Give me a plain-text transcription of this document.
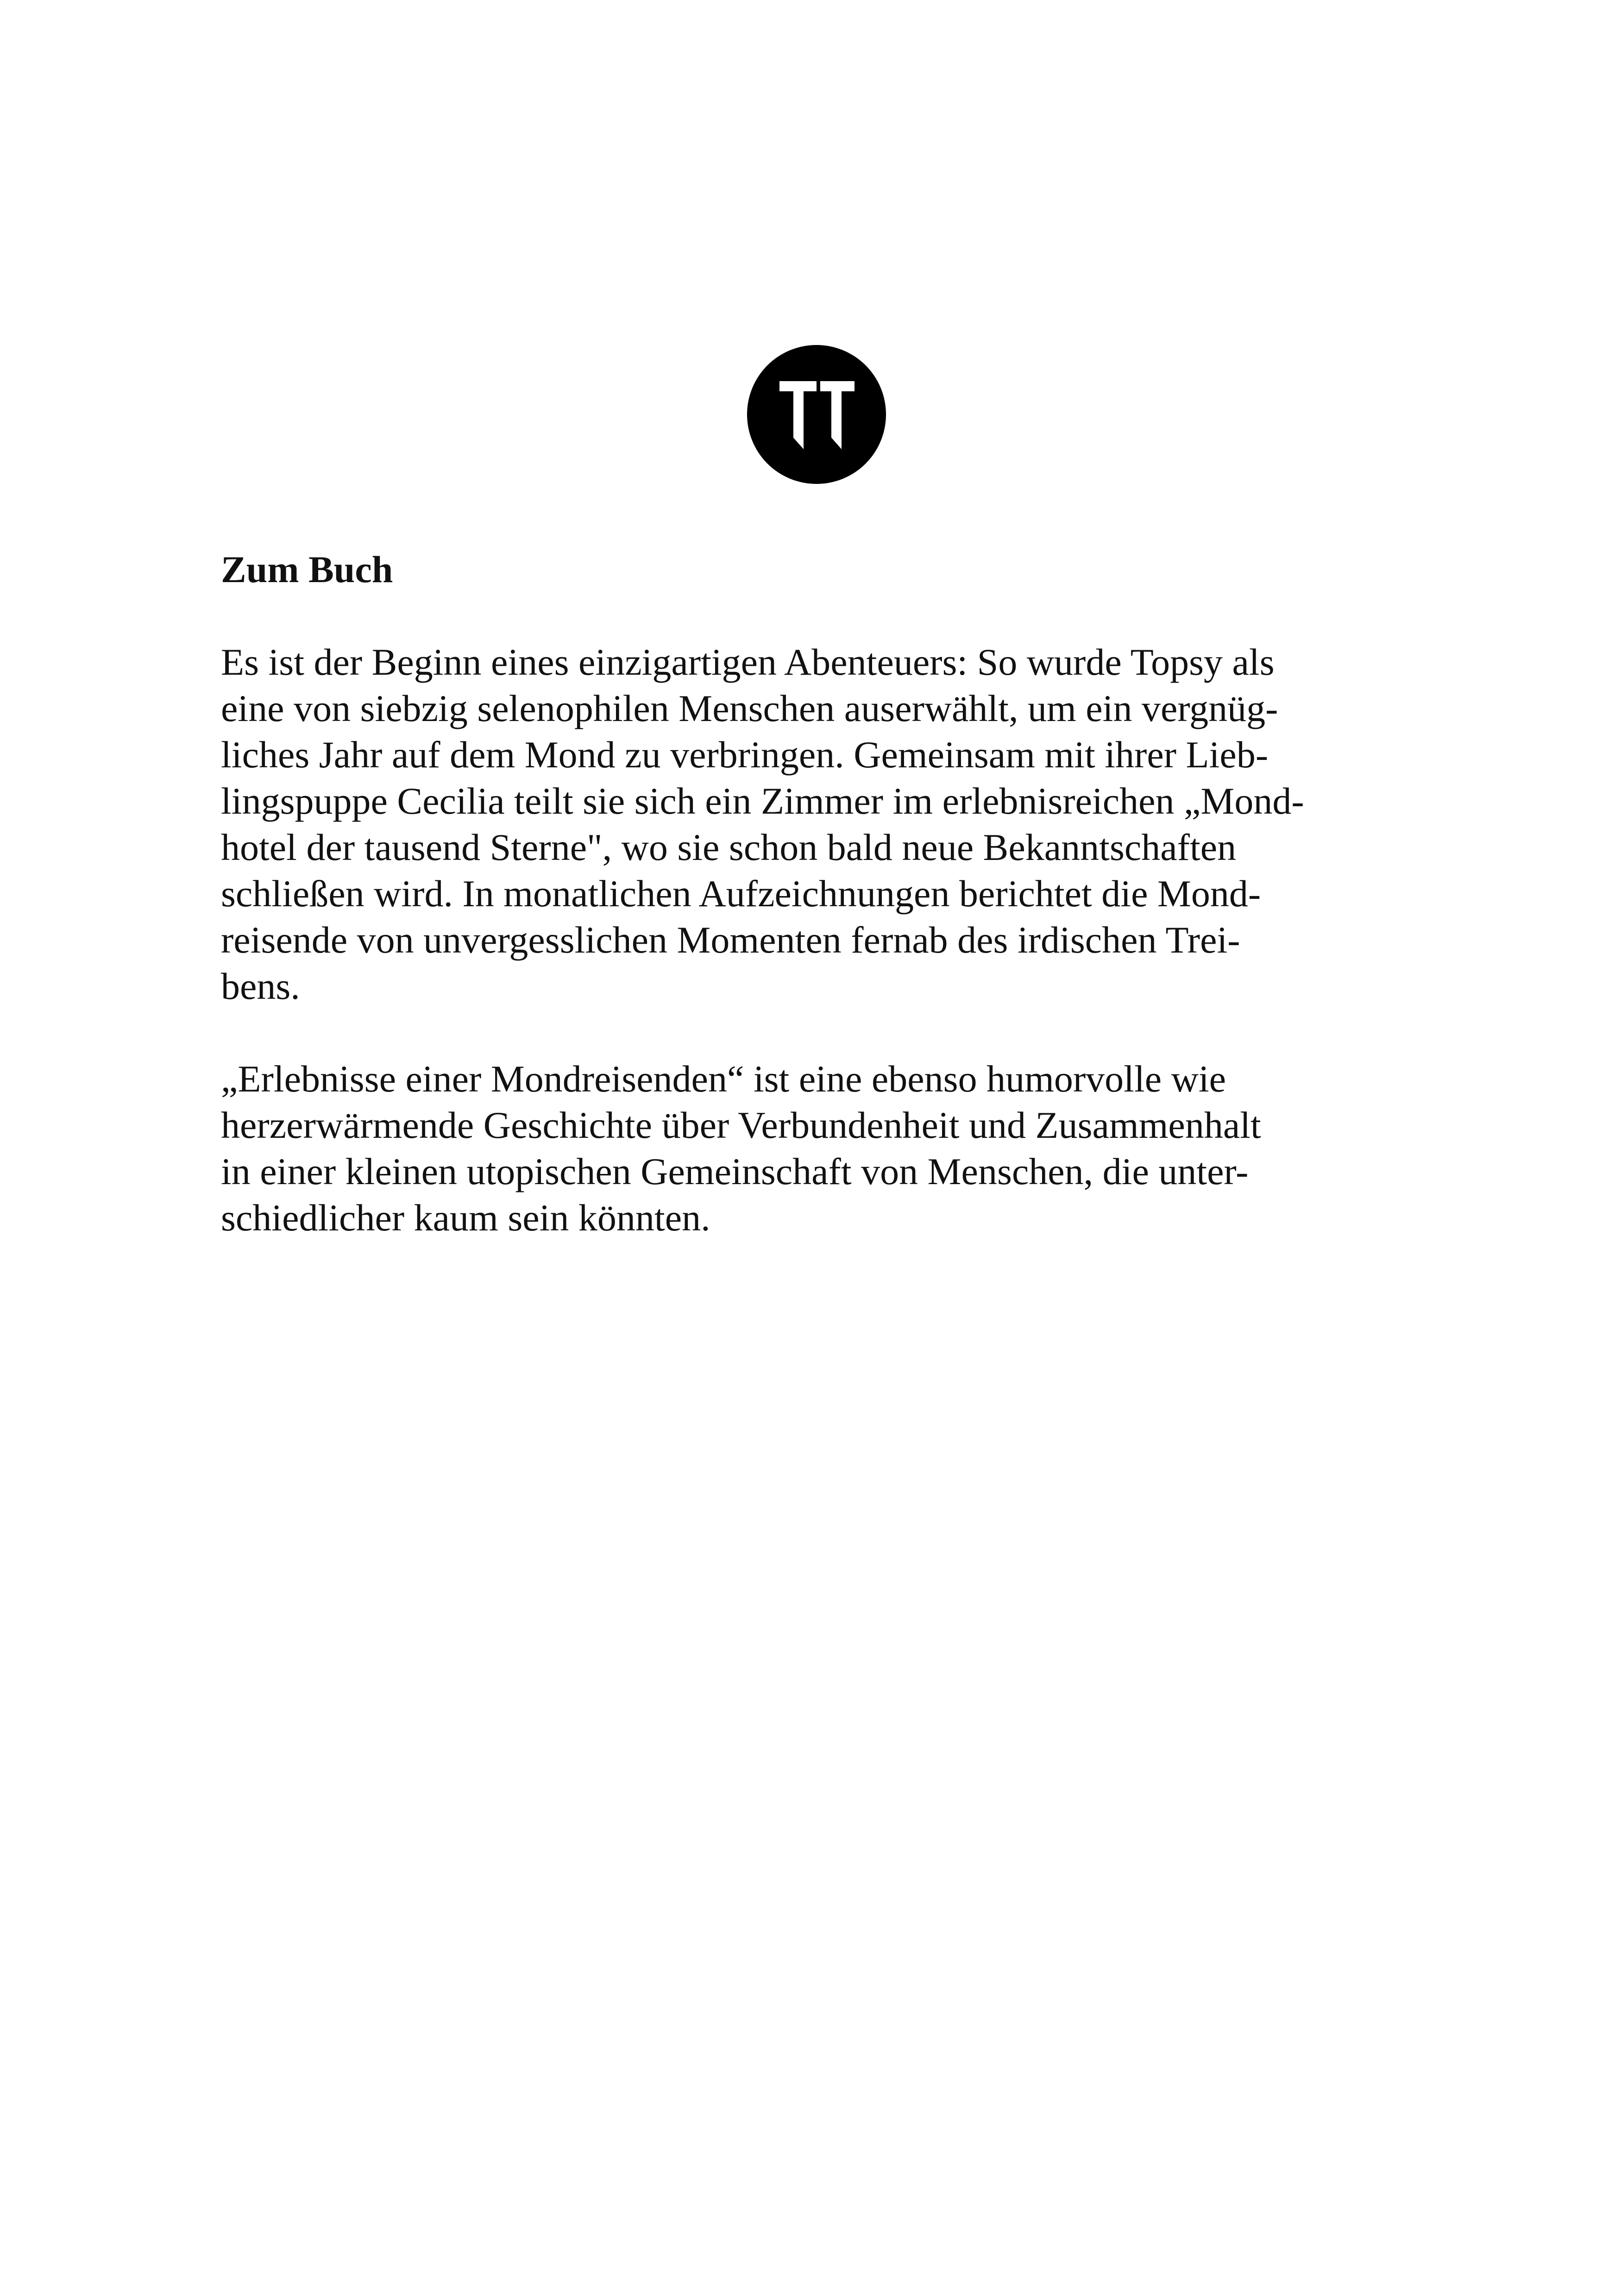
Zum Buch
Es ist der Beginn eines einzigartigen Abenteuers: So wurde Topsy als
eine von siebzig selenophilen Menschen auserwählt, um ein vergnüg-
liches Jahr auf dem Mond zu verbringen. Gemeinsam mit ihrer Lieb-
lingspuppe Cecilia teilt sie sich ein Zimmer im erlebnisreichen „Mond-
hotel der tausend Sterne", wo sie schon bald neue Bekanntschaften
schließen wird. In monatlichen Aufzeichnungen berichtet die Mond-
reisende von unvergesslichen Momenten fernab des irdischen Trei-
bens.
„Erlebnisse einer Mondreisenden“ ist eine ebenso humorvolle wie
herzerwärmende Geschichte über Verbundenheit und Zusammenhalt
in einer kleinen utopischen Gemeinschaft von Menschen, die unter-
schiedlicher kaum sein könnten.
